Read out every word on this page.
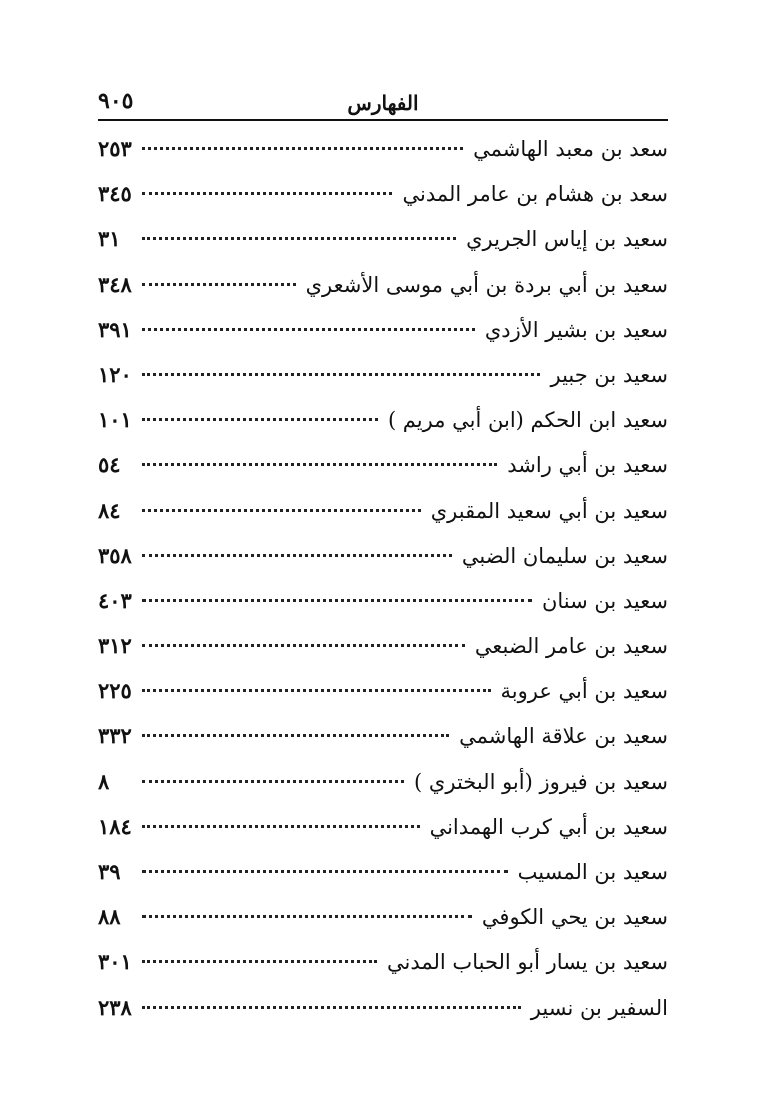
الفهارس
٩٠٥
سعد بن معبد الهاشمي
٢٥٣
سعد بن هشام بن عامر المدني
٣٤٥
سعيد بن إياس الجريري
٣١
سعيد بن أبي بردة بن أبي موسى الأشعري
٣٤٨
سعيد بن بشير الأزدي
٣٩١
سعيد بن جبير
١٢٠
سعيد ابن الحكم (ابن أبي مريم )
١٠١
سعيد بن أبي راشد
٥٤
سعيد بن أبي سعيد المقبري
٨٤
سعيد بن سليمان الضبي
٣٥٨
سعيد بن سنان
٤٠٣
سعيد بن عامر الضبعي
٣١٢
سعيد بن أبي عروبة
٢٢٥
سعيد بن علاقة الهاشمي
٣٣٢
سعيد بن فيروز (أبو البختري )
٨
سعيد بن أبي كرب الهمداني
١٨٤
سعيد بن المسيب
٣٩
سعيد بن يحي الكوفي
٨٨
سعيد بن يسار أبو الحباب المدني
٣٠١
السفير بن نسير
٢٣٨
